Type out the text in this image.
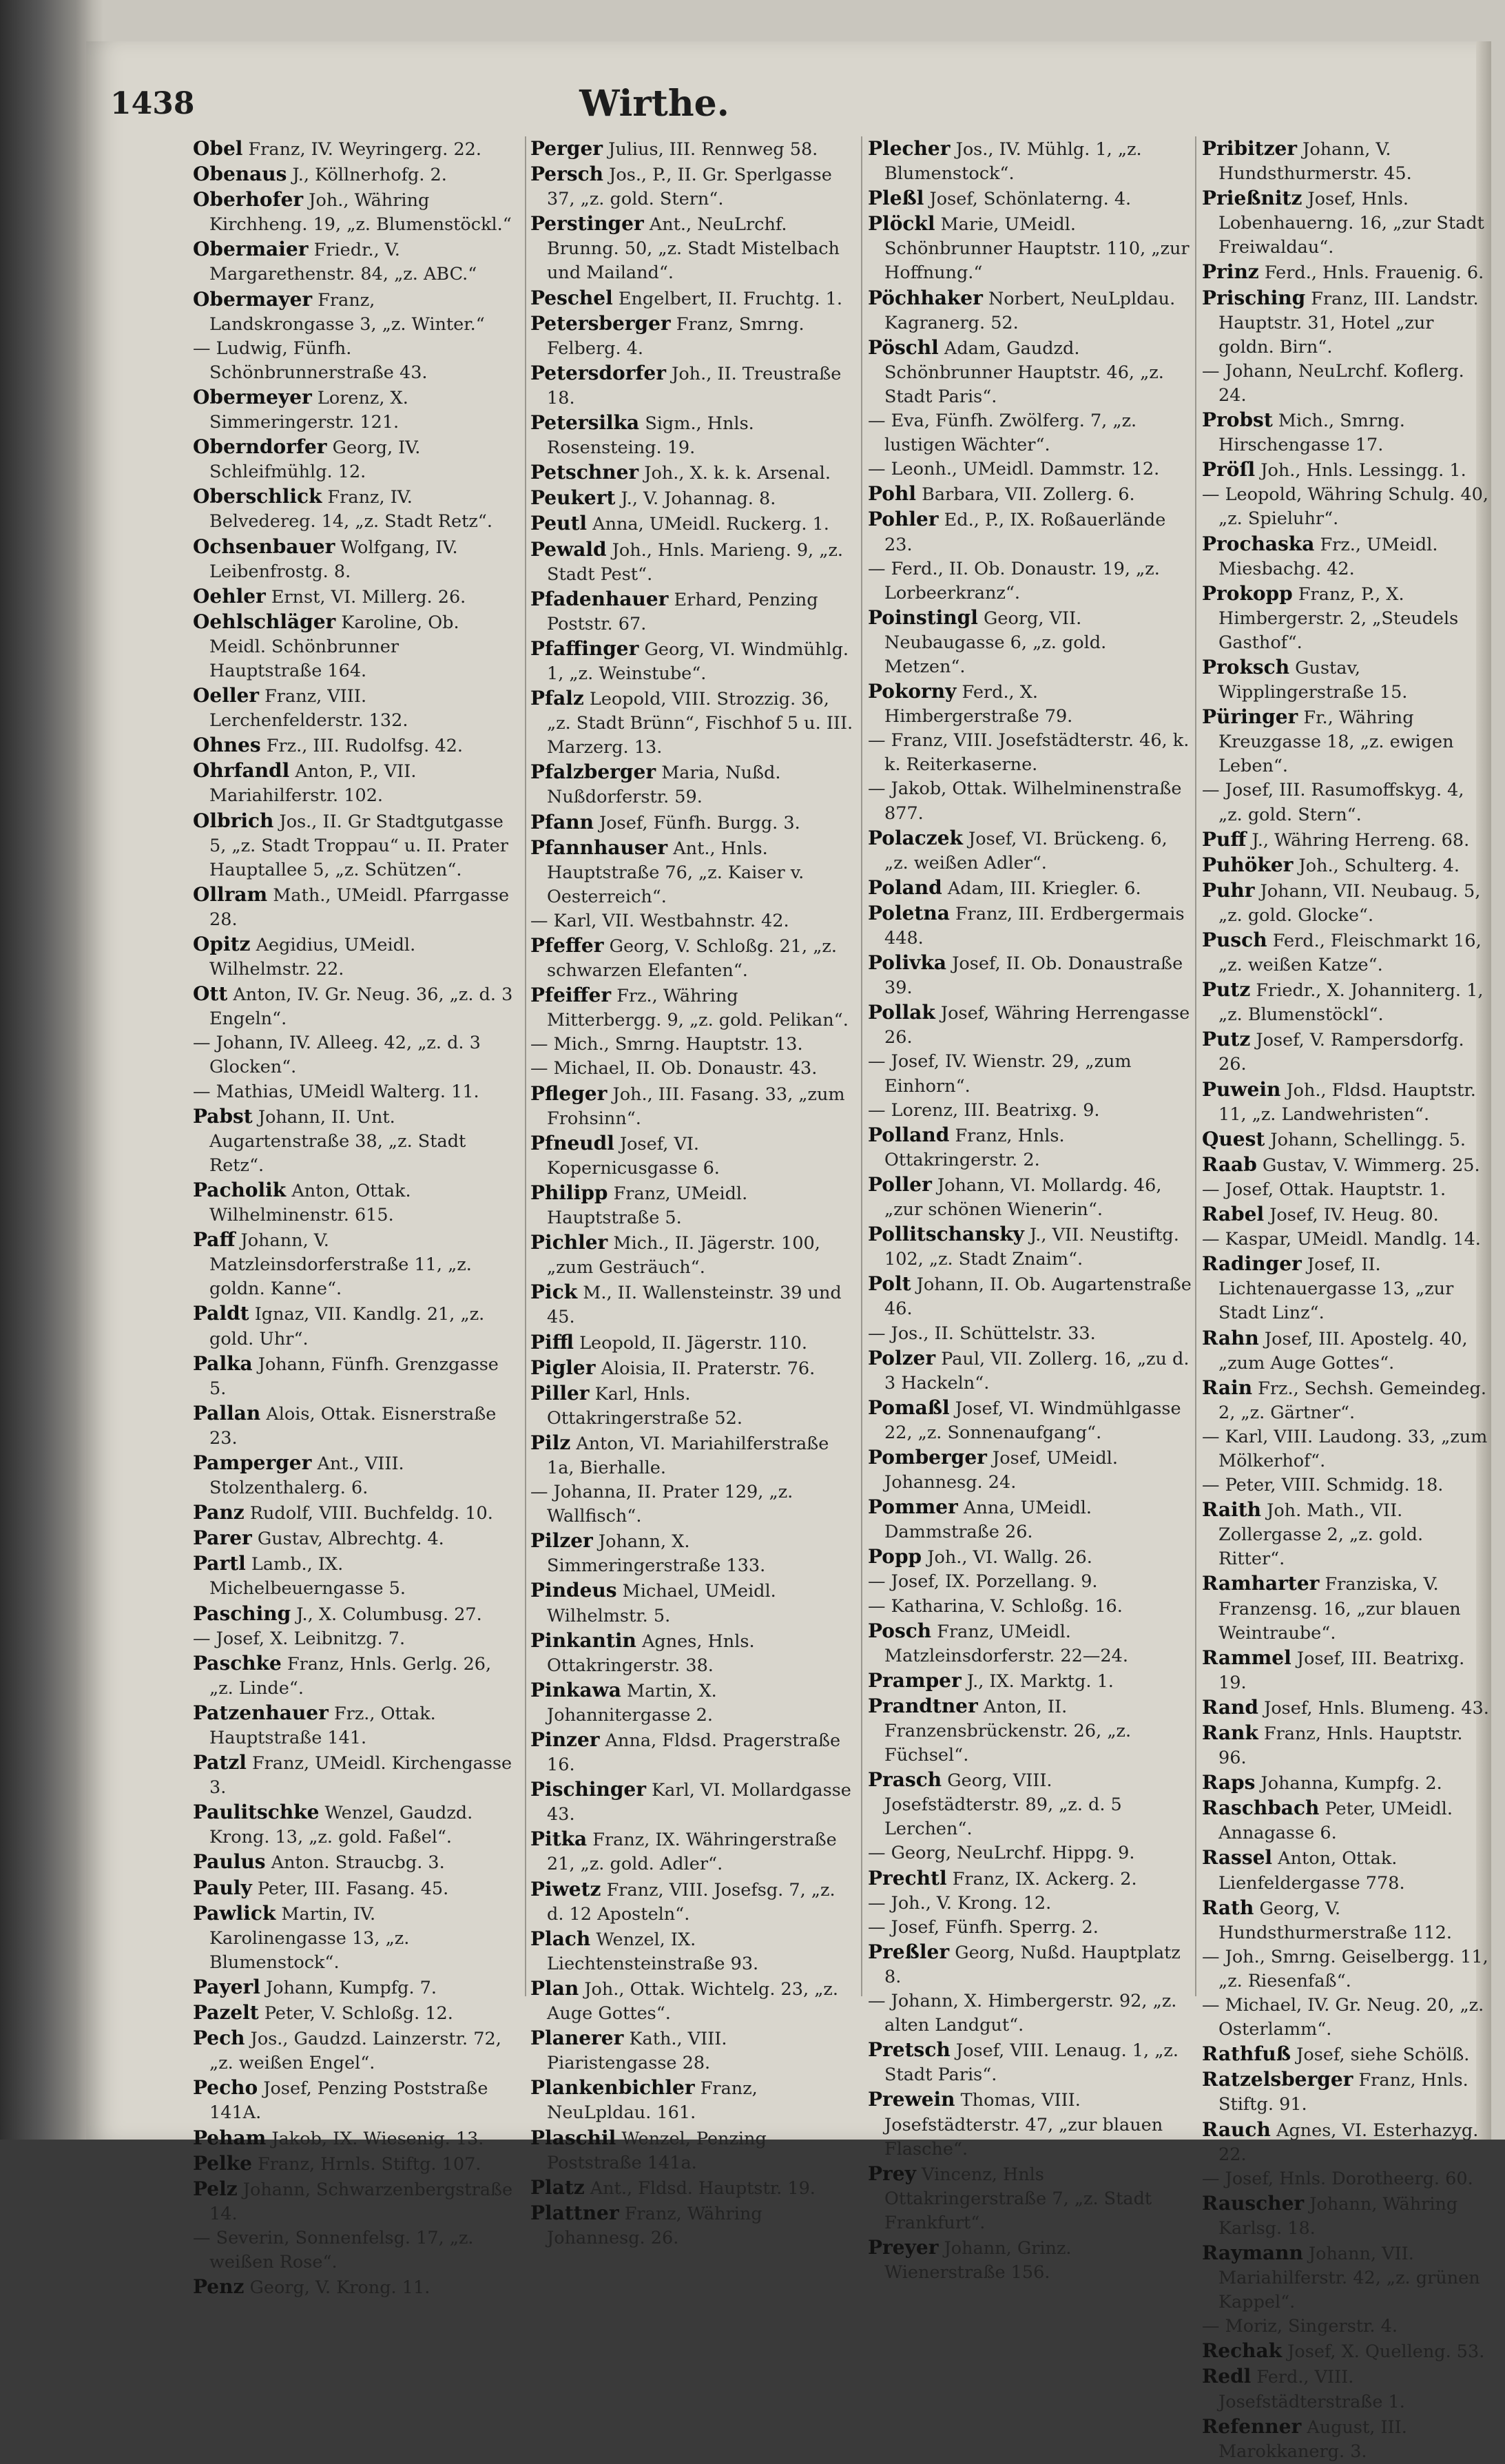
1438	Wirthe.
Obel Franz, IV. Weyringerg. 22.
Obenaus J., Köllnerhofg. 2.
Oberhofer Joh., Währing Kirchheng. 19, „z. Blumenstöckl.“
Obermaier Friedr., V. Margarethenstr. 84, „z. ABC.“
Obermayer Franz, Landskrongasse 3, „z. Winter.“
— Ludwig, Fünfh. Schönbrunnerstraße 43.
Obermeyer Lorenz, X. Simmeringerstr. 121.
Oberndorfer Georg, IV. Schleifmühlg. 12.
Oberschlick Franz, IV. Belvedereg. 14, „z. Stadt Retz“.
Ochsenbauer Wolfgang, IV. Leibenfrostg. 8.
Oehler Ernst, VI. Millerg. 26.
Oehlschläger Karoline, Ob. Meidl. Schönbrunner Hauptstraße 164.
Oeller Franz, VIII. Lerchenfelderstr. 132.
Ohnes Frz., III. Rudolfsg. 42.
Ohrfandl Anton, P., VII. Mariahilferstr. 102.
Olbrich Jos., II. Gr Stadtgutgasse 5, „z. Stadt Troppau“ u. II. Prater Hauptallee 5, „z. Schützen“.
Ollram Math., UMeidl. Pfarrgasse 28.
Opitz Aegidius, UMeidl. Wilhelmstr. 22.
Ott Anton, IV. Gr. Neug. 36, „z. d. 3 Engeln“.
— Johann, IV. Alleeg. 42, „z. d. 3 Glocken“.
— Mathias, UMeidl Walterg. 11.
Pabst Johann, II. Unt. Augartenstraße 38, „z. Stadt Retz“.
Pacholik Anton, Ottak. Wilhelminenstr. 615.
Paff Johann, V. Matzleinsdorferstraße 11, „z. goldn. Kanne“.
Paldt Ignaz, VII. Kandlg. 21, „z. gold. Uhr“.
Palka Johann, Fünfh. Grenzgasse 5.
Pallan Alois, Ottak. Eisnerstraße 23.
Pamperger Ant., VIII. Stolzenthalerg. 6.
Panz Rudolf, VIII. Buchfeldg. 10.
Parer Gustav, Albrechtg. 4.
Partl Lamb., IX. Michelbeuerngasse 5.
Pasching J., X. Columbusg. 27.
— Josef, X. Leibnitzg. 7.
Paschke Franz, Hnls. Gerlg. 26, „z. Linde“.
Patzenhauer Frz., Ottak. Hauptstraße 141.
Patzl Franz, UMeidl. Kirchengasse 3.
Paulitschke Wenzel, Gaudzd. Krong. 13, „z. gold. Faßel“.
Paulus Anton. Straucbg. 3.
Pauly Peter, III. Fasang. 45.
Pawlick Martin, IV. Karolinengasse 13, „z. Blumenstock“.
Payerl Johann, Kumpfg. 7.
Pazelt Peter, V. Schloßg. 12.
Pech Jos., Gaudzd. Lainzerstr. 72, „z. weißen Engel“.
Pecho Josef, Penzing Poststraße 141A.
Peham Jakob, IX. Wiesenig. 13.
Pelke Franz, Hrnls. Stiftg. 107.
Pelz Johann, Schwarzenbergstraße 14.
— Severin, Sonnenfelsg. 17, „z. weißen Rose“.
Penz Georg, V. Krong. 11.
Perger Julius, III. Rennweg 58.
Persch Jos., P., II. Gr. Sperlgasse 37, „z. gold. Stern“.
Perstinger Ant., NeuLrchf. Brunng. 50, „z. Stadt Mistelbach und Mailand“.
Peschel Engelbert, II. Fruchtg. 1.
Petersberger Franz, Smrng. Felberg. 4.
Petersdorfer Joh., II. Treustraße 18.
Petersilka Sigm., Hnls. Rosensteing. 19.
Petschner Joh., X. k. k. Arsenal.
Peukert J., V. Johannag. 8.
Peutl Anna, UMeidl. Ruckerg. 1.
Pewald Joh., Hnls. Marieng. 9, „z. Stadt Pest“.
Pfadenhauer Erhard, Penzing Poststr. 67.
Pfaffinger Georg, VI. Windmühlg. 1, „z. Weinstube“.
Pfalz Leopold, VIII. Strozzig. 36, „z. Stadt Brünn“, Fischhof 5 u. III. Marzerg. 13.
Pfalzberger Maria, Nußd. Nußdorferstr. 59.
Pfann Josef, Fünfh. Burgg. 3.
Pfannhauser Ant., Hnls. Hauptstraße 76, „z. Kaiser v. Oesterreich“.
— Karl, VII. Westbahnstr. 42.
Pfeffer Georg, V. Schloßg. 21, „z. schwarzen Elefanten“.
Pfeiffer Frz., Währing Mitterbergg. 9, „z. gold. Pelikan“.
— Mich., Smrng. Hauptstr. 13.
— Michael, II. Ob. Donaustr. 43.
Pfleger Joh., III. Fasang. 33, „zum Frohsinn“.
Pfneudl Josef, VI. Kopernicusgasse 6.
Philipp Franz, UMeidl. Hauptstraße 5.
Pichler Mich., II. Jägerstr. 100, „zum Gesträuch“.
Pick M., II. Wallensteinstr. 39 und 45.
Piffl Leopold, II. Jägerstr. 110.
Pigler Aloisia, II. Praterstr. 76.
Piller Karl, Hnls. Ottakringerstraße 52.
Pilz Anton, VI. Mariahilferstraße 1a, Bierhalle.
— Johanna, II. Prater 129, „z. Wallfisch“.
Pilzer Johann, X. Simmeringerstraße 133.
Pindeus Michael, UMeidl. Wilhelmstr. 5.
Pinkantin Agnes, Hnls. Ottakringerstr. 38.
Pinkawa Martin, X. Johannitergasse 2.
Pinzer Anna, Fldsd. Pragerstraße 16.
Pischinger Karl, VI. Mollardgasse 43.
Pitka Franz, IX. Währingerstraße 21, „z. gold. Adler“.
Piwetz Franz, VIII. Josefsg. 7, „z. d. 12 Aposteln“.
Plach Wenzel, IX. Liechtensteinstraße 93.
Plan Joh., Ottak. Wichtelg. 23, „z. Auge Gottes“.
Planerer Kath., VIII. Piaristengasse 28.
Plankenbichler Franz, NeuLpldau. 161.
Plaschil Wenzel, Penzing Poststraße 141a.
Platz Ant., Fldsd. Hauptstr. 19.
Plattner Franz, Währing Johannesg. 26.
Plecher Jos., IV. Mühlg. 1, „z. Blumenstock“.
Pleßl Josef, Schönlaterng. 4.
Plöckl Marie, UMeidl. Schönbrunner Hauptstr. 110, „zur Hoffnung.“
Pöchhaker Norbert, NeuLpldau. Kagranerg. 52.
Pöschl Adam, Gaudzd. Schönbrunner Hauptstr. 46, „z. Stadt Paris“.
— Eva, Fünfh. Zwölferg. 7, „z. lustigen Wächter“.
— Leonh., UMeidl. Dammstr. 12.
Pohl Barbara, VII. Zollerg. 6.
Pohler Ed., P., IX. Roßauerlände 23.
— Ferd., II. Ob. Donaustr. 19, „z. Lorbeerkranz“.
Poinstingl Georg, VII. Neubaugasse 6, „z. gold. Metzen“.
Pokorny Ferd., X. Himbergerstraße 79.
— Franz, VIII. Josefstädterstr. 46, k. k. Reiterkaserne.
— Jakob, Ottak. Wilhelminenstraße 877.
Polaczek Josef, VI. Brückeng. 6, „z. weißen Adler“.
Poland Adam, III. Kriegler. 6.
Poletna Franz, III. Erdbergermais 448.
Polivka Josef, II. Ob. Donaustraße 39.
Pollak Josef, Währing Herrengasse 26.
— Josef, IV. Wienstr. 29, „zum Einhorn“.
— Lorenz, III. Beatrixg. 9.
Polland Franz, Hnls. Ottakringerstr. 2.
Poller Johann, VI. Mollardg. 46, „zur schönen Wienerin“.
Pollitschansky J., VII. Neustiftg. 102, „z. Stadt Znaim“.
Polt Johann, II. Ob. Augartenstraße 46.
— Jos., II. Schüttelstr. 33.
Polzer Paul, VII. Zollerg. 16, „zu d. 3 Hackeln“.
Pomaßl Josef, VI. Windmühlgasse 22, „z. Sonnenaufgang“.
Pomberger Josef, UMeidl. Johannesg. 24.
Pommer Anna, UMeidl. Dammstraße 26.
Popp Joh., VI. Wallg. 26.
— Josef, IX. Porzellang. 9.
— Katharina, V. Schloßg. 16.
Posch Franz, UMeidl. Matzleinsdorferstr. 22—24.
Pramper J., IX. Marktg. 1.
Prandtner Anton, II. Franzensbrückenstr. 26, „z. Füchsel“.
Prasch Georg, VIII. Josefstädterstr. 89, „z. d. 5 Lerchen“.
— Georg, NeuLrchf. Hippg. 9.
Prechtl Franz, IX. Ackerg. 2.
— Joh., V. Krong. 12.
— Josef, Fünfh. Sperrg. 2.
Preßler Georg, Nußd. Hauptplatz 8.
— Johann, X. Himbergerstr. 92, „z. alten Landgut“.
Pretsch Josef, VIII. Lenaug. 1, „z. Stadt Paris“.
Prewein Thomas, VIII. Josefstädterstr. 47, „zur blauen Flasche“.
Prey Vincenz, Hnls Ottakringerstraße 7, „z. Stadt Frankfurt“.
Preyer Johann, Grinz. Wienerstraße 156.
Pribitzer Johann, V. Hundsthurmerstr. 45.
Prießnitz Josef, Hnls. Lobenhauerng. 16, „zur Stadt Freiwaldau“.
Prinz Ferd., Hnls. Frauenig. 6.
Prisching Franz, III. Landstr. Hauptstr. 31, Hotel „zur goldn. Birn“.
— Johann, NeuLrchf. Koflerg. 24.
Probst Mich., Smrng. Hirschengasse 17.
Pröſl Joh., Hnls. Lessingg. 1.
— Leopold, Währing Schulg. 40, „z. Spieluhr“.
Prochaska Frz., UMeidl. Miesbachg. 42.
Prokopp Franz, P., X. Himbergerstr. 2, „Steudels Gasthof“.
Proksch Gustav, Wipplingerstraße 15.
Püringer Fr., Währing Kreuzgasse 18, „z. ewigen Leben“.
— Josef, III. Rasumoffskyg. 4, „z. gold. Stern“.
Puff J., Währing Herreng. 68.
Puhöker Joh., Schulterg. 4.
Puhr Johann, VII. Neubaug. 5, „z. gold. Glocke“.
Pusch Ferd., Fleischmarkt 16, „z. weißen Katze“.
Putz Friedr., X. Johanniterg. 1, „z. Blumenstöckl“.
Putz Josef, V. Rampersdorfg. 26.
Puwein Joh., Fldsd. Hauptstr. 11, „z. Landwehristen“.
Quest Johann, Schellingg. 5.
Raab Gustav, V. Wimmerg. 25.
— Josef, Ottak. Hauptstr. 1.
Rabel Josef, IV. Heug. 80.
— Kaspar, UMeidl. Mandlg. 14.
Radinger Josef, II. Lichtenauergasse 13, „zur Stadt Linz“.
Rahn Josef, III. Apostelg. 40, „zum Auge Gottes“.
Rain Frz., Sechsh. Gemeindeg. 2, „z. Gärtner“.
— Karl, VIII. Laudong. 33, „zum Mölkerhof“.
— Peter, VIII. Schmidg. 18.
Raith Joh. Math., VII. Zollergasse 2, „z. gold. Ritter“.
Ramharter Franziska, V. Franzensg. 16, „zur blauen Weintraube“.
Rammel Josef, III. Beatrixg. 19.
Rand Josef, Hnls. Blumeng. 43.
Rank Franz, Hnls. Hauptstr. 96.
Raps Johanna, Kumpfg. 2.
Raschbach Peter, UMeidl. Annagasse 6.
Rassel Anton, Ottak. Lienfeldergasse 778.
Rath Georg, V. Hundsthurmerstraße 112.
— Joh., Smrng. Geiselbergg. 11, „z. Riesenfaß“.
— Michael, IV. Gr. Neug. 20, „z. Osterlamm“.
Rathfuß Josef, siehe Schölß.
Ratzelsberger Franz, Hnls. Stiftg. 91.
Rauch Agnes, VI. Esterhazyg. 22.
— Josef, Hnls. Dorotheerg. 60.
Rauscher Johann, Währing Karlsg. 18.
Raymann Johann, VII. Mariahilferstr. 42, „z. grünen Kappel“.
— Moriz, Singerstr. 4.
Rechak Josef, X. Quelleng. 53.
Redl Ferd., VIII. Josefstädterstraße 1.
Refenner August, III. Marokkanerg. 3.
